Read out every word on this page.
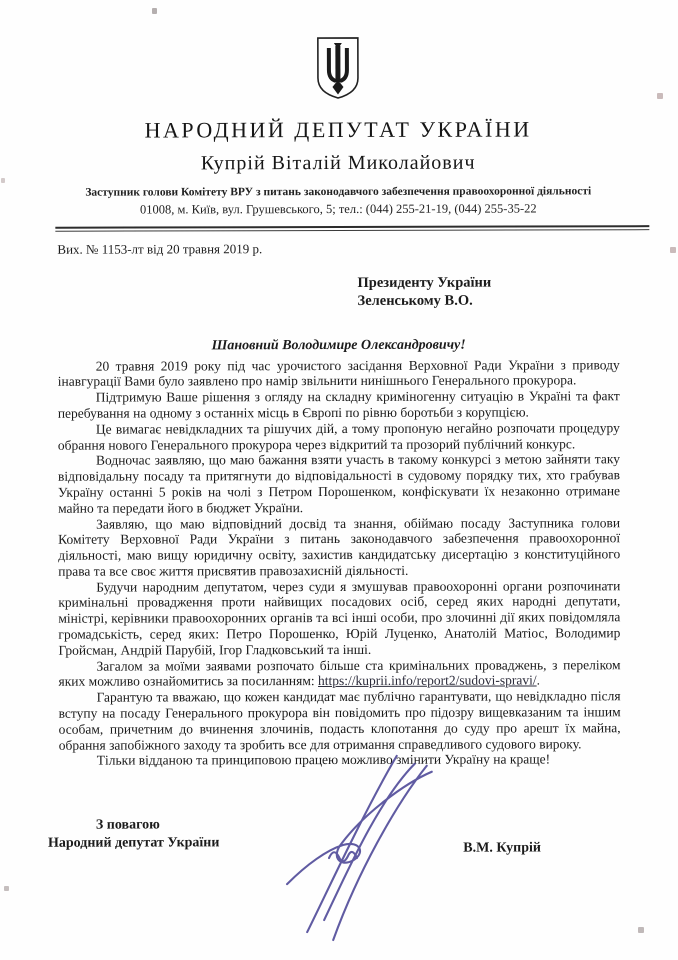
НАРОДНИЙ ДЕПУТАТ УКРАЇНИ
Купрій Віталій Миколайович
Заступник голови Комітету ВРУ з питань законодавчого забезпечення правоохоронної діяльності
01008, м. Київ, вул. Грушевського, 5; тел.: (044) 255-21-19, (044) 255-35-22
Вих. № 1153-лт від 20 травня 2019 р.
Президенту України
Зеленському В.О.
Шановний Володимире Олександровичу!

20 травня 2019 року під час урочистого засідання Верховної Ради України з приводу інавгурації Вами було заявлено про намір звільнити нинішнього Генерального прокурора.

Підтримую Ваше рішення з огляду на складну криміногенну ситуацію в Україні та факт перебування на одному з останніх місць в Європі по рівню боротьби з корупцією.

Це вимагає невідкладних та рішучих дій, а тому пропоную негайно розпочати процедуру обрання нового Генерального прокурора через відкритий та прозорий публічний конкурс.

Водночас заявляю, що маю бажання взяти участь в такому конкурсі з метою зайняти таку відповідальну посаду та притягнути до відповідальності в судовому порядку тих, хто грабував Україну останні 5 років на чолі з Петром Порошенком, конфіскувати їх незаконно отримане майно та передати його в бюджет України.

Заявляю, що маю відповідний досвід та знання, обіймаю посаду Заступника голови Комітету Верховної Ради України з питань законодавчого забезпечення правоохоронної діяльності, маю вищу юридичну освіту, захистив кандидатську дисертацію з конституційного права та все своє життя присвятив правозахисній діяльності.

Будучи народним депутатом, через суди я змушував правоохоронні органи розпочинати кримінальні провадження проти найвищих посадових осіб, серед яких народні депутати, міністрі, керівники правоохоронних органів та всі інші особи, про злочинні дії яких повідомляла громадськість, серед яких: Петро Порошенко, Юрій Луценко, Анатолій Матіос, Володимир Гройсман, Андрій Парубій, Ігор Гладковський та інші.

Загалом за моїми заявами розпочато більше ста кримінальних проваджень, з переліком яких можливо ознайомитись за посиланням: https://kuprii.info/report2/sudovi-spravi/.

Гарантую та вважаю, що кожен кандидат має публічно гарантувати, що невідкладно після вступу на посаду Генерального прокурора він повідомить про підозру вищевказаним та іншим особам, причетним до вчинення злочинів, подасть клопотання до суду про арешт їх майна, обрання запобіжного заходу та зробить все для отримання справедливого судового вироку.

Тільки відданою та принциповою працею можливо змінити Україну на краще!

З повагою
Народний депутат України	В.М. Купрій
